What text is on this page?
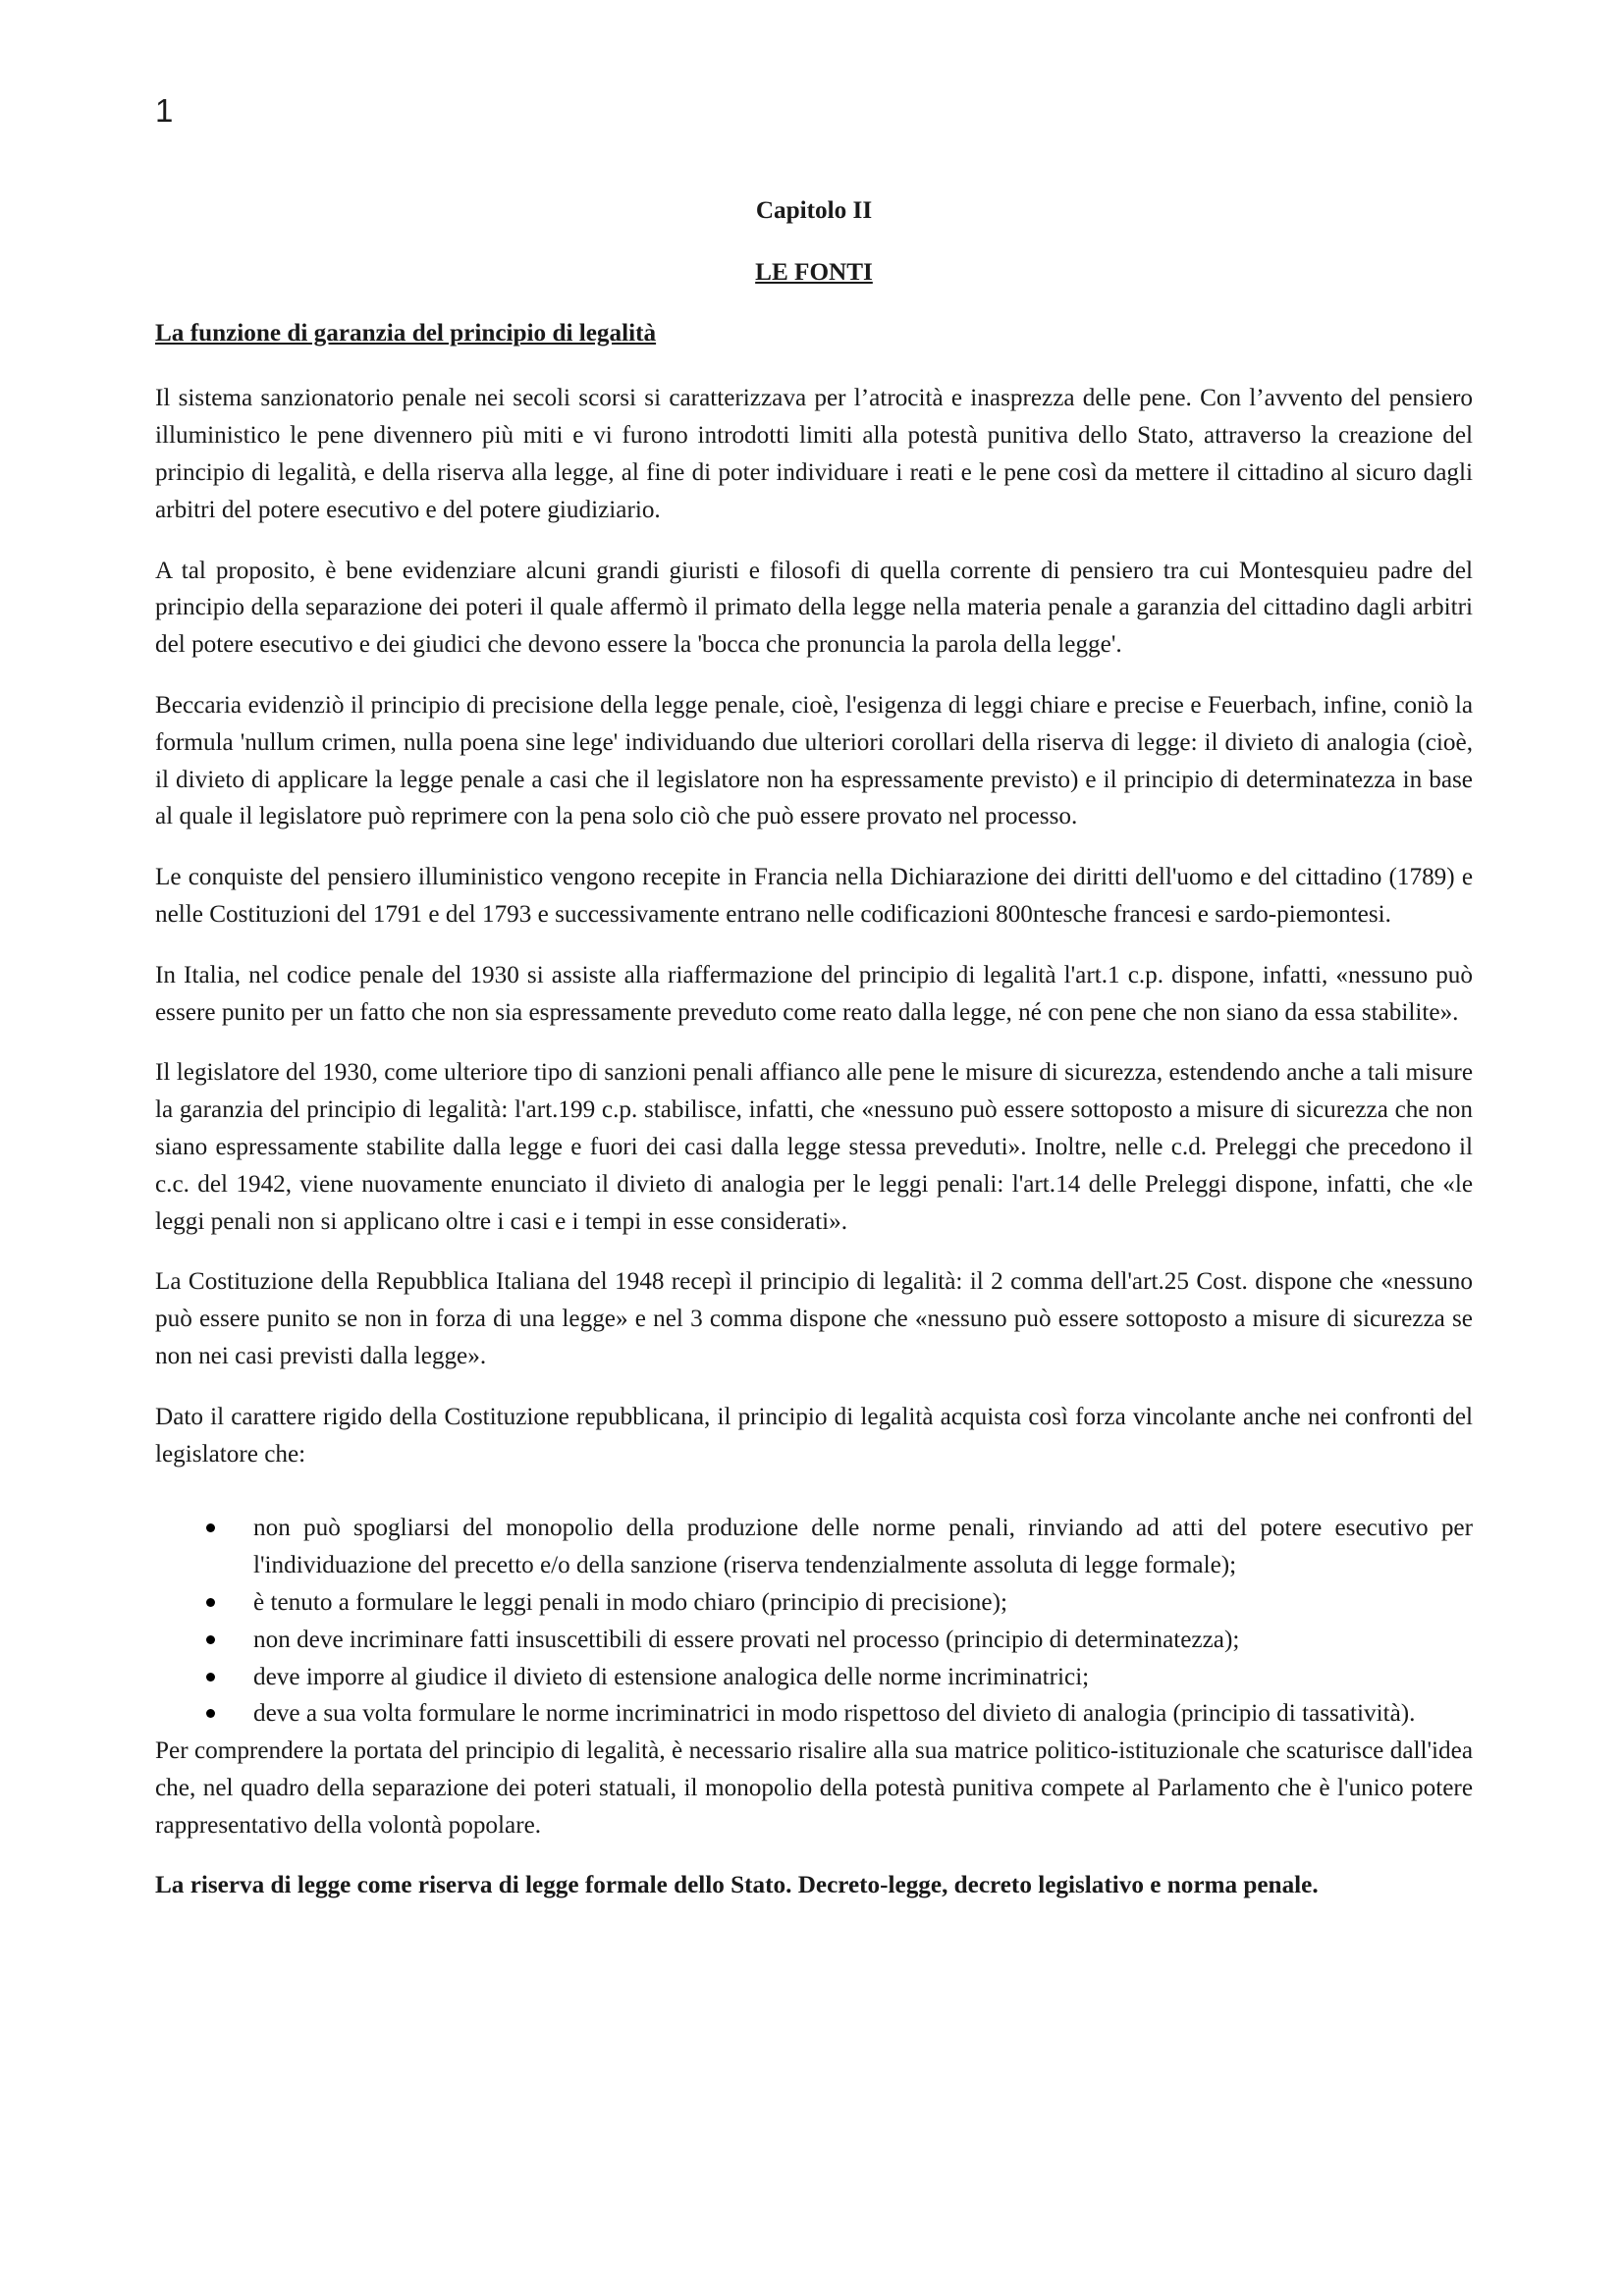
1

Capitolo II

LE FONTI

La funzione di garanzia del principio di legalità

Il sistema sanzionatorio penale nei secoli scorsi si caratterizzava per l’atrocità e inasprezza delle pene. Con l’avvento del pensiero illuministico le pene divennero più miti e vi furono introdotti limiti alla potestà punitiva dello Stato, attraverso la creazione del principio di legalità, e della riserva alla legge, al fine di poter individuare i reati e le pene così da mettere il cittadino al sicuro dagli arbitri del potere esecutivo e del potere giudiziario.

A tal proposito, è bene evidenziare alcuni grandi giuristi e filosofi di quella corrente di pensiero tra cui Montesquieu padre del principio della separazione dei poteri il quale affermò il primato della legge nella materia penale a garanzia del cittadino dagli arbitri del potere esecutivo e dei giudici che devono essere la 'bocca che pronuncia la parola della legge'.

Beccaria evidenziò il principio di precisione della legge penale, cioè, l'esigenza di leggi chiare e precise e Feuerbach, infine, coniò la formula 'nullum crimen, nulla poena sine lege' individuando due ulteriori corollari della riserva di legge: il divieto di analogia (cioè, il divieto di applicare la legge penale a casi che il legislatore non ha espressamente previsto) e il principio di determinatezza in base al quale il legislatore può reprimere con la pena solo ciò che può essere provato nel processo.

Le conquiste del pensiero illuministico vengono recepite in Francia nella Dichiarazione dei diritti dell'uomo e del cittadino (1789) e nelle Costituzioni del 1791 e del 1793 e successivamente entrano nelle codificazioni 800ntesche francesi e sardo-piemontesi.

In Italia, nel codice penale del 1930 si assiste alla riaffermazione del principio di legalità l'art.1 c.p. dispone, infatti, «nessuno può essere punito per un fatto che non sia espressamente preveduto come reato dalla legge, né con pene che non siano da essa stabilite».

Il legislatore del 1930, come ulteriore tipo di sanzioni penali affianco alle pene le misure di sicurezza, estendendo anche a tali misure la garanzia del principio di legalità: l'art.199 c.p. stabilisce, infatti, che «nessuno può essere sottoposto a misure di sicurezza che non siano espressamente stabilite dalla legge e fuori dei casi dalla legge stessa preveduti». Inoltre, nelle c.d. Preleggi che precedono il c.c. del 1942, viene nuovamente enunciato il divieto di analogia per le leggi penali: l'art.14 delle Preleggi dispone, infatti, che «le leggi penali non si applicano oltre i casi e i tempi in esse considerati».

La Costituzione della Repubblica Italiana del 1948 recepì il principio di legalità: il 2 comma dell'art.25 Cost. dispone che «nessuno può essere punito se non in forza di una legge» e nel 3 comma dispone che «nessuno può essere sottoposto a misure di sicurezza se non nei casi previsti dalla legge».

Dato il carattere rigido della Costituzione repubblicana, il principio di legalità acquista così forza vincolante anche nei confronti del legislatore che:

non può spogliarsi del monopolio della produzione delle norme penali, rinviando ad atti del potere esecutivo per l'individuazione del precetto e/o della sanzione (riserva tendenzialmente assoluta di legge formale);
è tenuto a formulare le leggi penali in modo chiaro (principio di precisione);
non deve incriminare fatti insuscettibili di essere provati nel processo (principio di determinatezza);
deve imporre al giudice il divieto di estensione analogica delle norme incriminatrici;
deve a sua volta formulare le norme incriminatrici in modo rispettoso del divieto di analogia (principio di tassatività).

Per comprendere la portata del principio di legalità, è necessario risalire alla sua matrice politico-istituzionale che scaturisce dall'idea che, nel quadro della separazione dei poteri statuali, il monopolio della potestà punitiva compete al Parlamento che è l'unico potere rappresentativo della volontà popolare.

La riserva di legge come riserva di legge formale dello Stato. Decreto-legge, decreto legislativo e norma penale.
